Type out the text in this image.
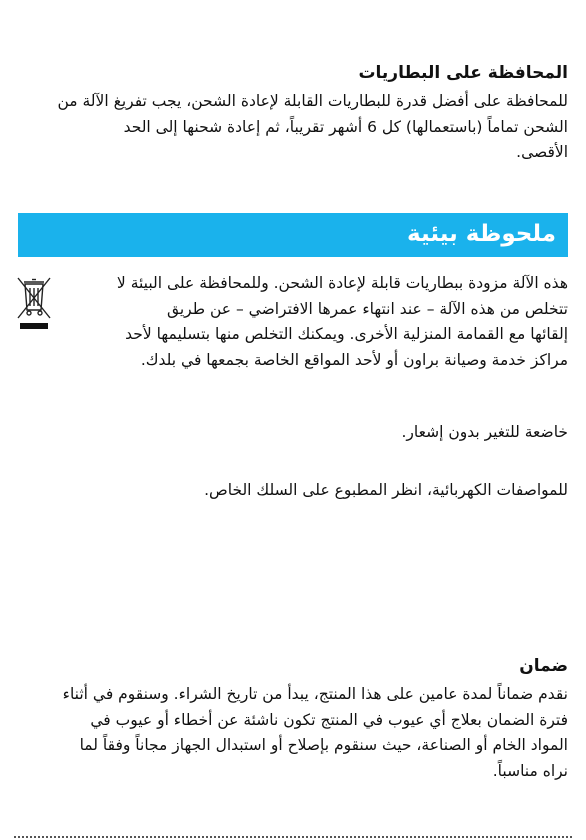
المحافظة على البطاريات
للمحافظة على أفضل قدرة للبطاريات القابلة لإعادة الشحن، يجب تفريغ الآلة من
الشحن تماماً (باستعمالها) كل 6 أشهر تقريباً، ثم إعادة شحنها إلى الحد
الأقصى.
ملحوظة بيئية
هذه الآلة مزودة ببطاريات قابلة لإعادة الشحن. وللمحافظة على البيئة لا
تتخلص من هذه الآلة – عند انتهاء عمرها الافتراضي – عن طريق
إلقائها مع القمامة المنزلية الأخرى. ويمكنك التخلص منها بتسليمها لأحد
مراكز خدمة وصيانة براون أو لأحد المواقع الخاصة بجمعها في بلدك.
خاضعة للتغير بدون إشعار.
للمواصفات الكهربائية، انظر المطبوع على السلك الخاص.
ضمان
نقدم ضماناً لمدة عامين على هذا المنتج، يبدأ من تاريخ الشراء. وسنقوم في أثناء
فترة الضمان بعلاج أي عيوب في المنتج تكون ناشئة عن أخطاء أو عيوب في
المواد الخام أو الصناعة، حيث سنقوم بإصلاح أو استبدال الجهاز مجاناً وفقاً لما
نراه مناسباً.
